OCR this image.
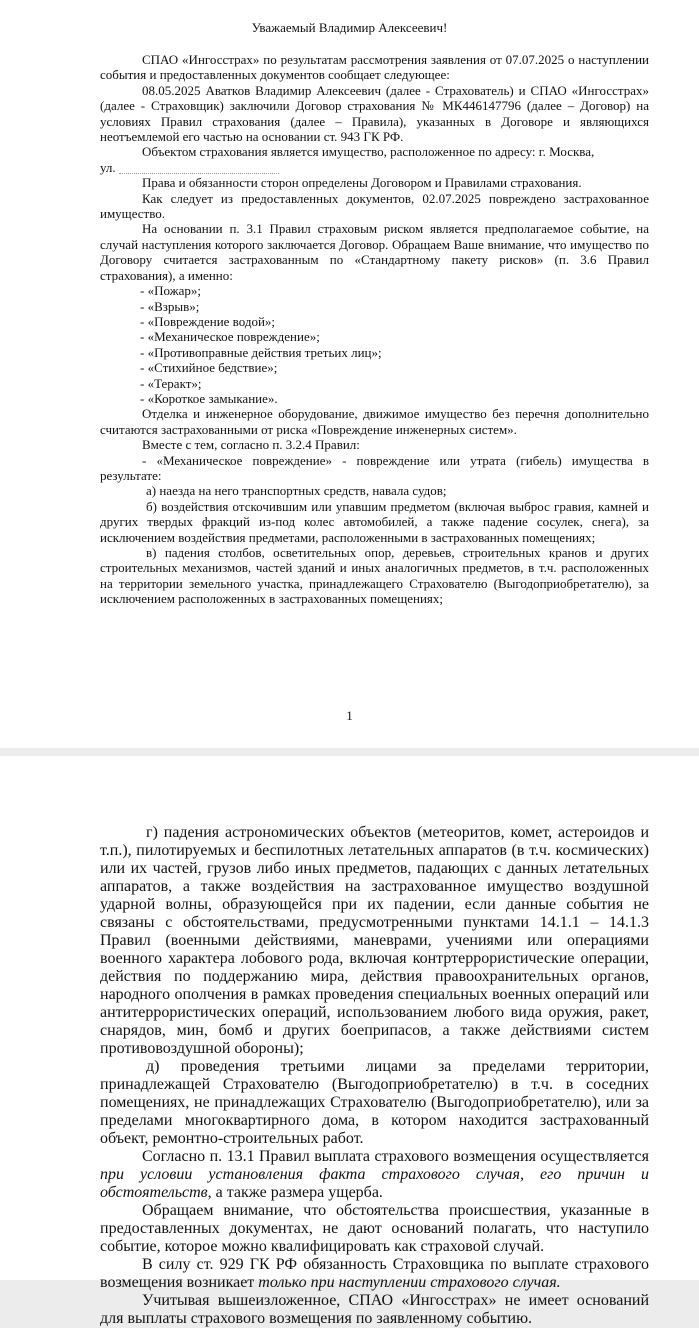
Уважаемый Владимир Алексеевич!

СПАО «Ингосстрах» по результатам рассмотрения заявления от 07.07.2025 о наступлении события и предоставленных документов сообщает следующее:

08.05.2025 Аватков Владимир Алексеевич (далее - Страхователь) и СПАО «Ингосстрах» (далее - Страховщик) заключили Договор страхования № МК446147796 (далее – Договор) на условиях Правил страхования (далее – Правила), указанных в Договоре и являющихся неотъемлемой его частью на основании ст. 943 ГК РФ.

Объектом страхования является имущество, расположенное по адресу: г. Москва,

ул.

Права и обязанности сторон определены Договором и Правилами страхования.

Как следует из предоставленных документов, 02.07.2025 повреждено застрахованное имущество.

На основании п. 3.1 Правил страховым риском является предполагаемое событие, на случай наступления которого заключается Договор. Обращаем Ваше внимание, что имущество по Договору считается застрахованным по «Стандартному пакету рисков» (п. 3.6 Правил страхования), а именно:

- «Пожар»;

- «Взрыв»;

- «Повреждение водой»;

- «Механическое повреждение»;

- «Противоправные действия третьих лиц»;

- «Стихийное бедствие»;

- «Теракт»;

- «Короткое замыкание».

Отделка и инженерное оборудование, движимое имущество без перечня дополнительно считаются застрахованными от риска «Повреждение инженерных систем».

Вместе с тем, согласно п. 3.2.4 Правил:

- «Механическое повреждение» - повреждение или утрата (гибель) имущества в результате:

а) наезда на него транспортных средств, навала судов;

б) воздействия отскочившим или упавшим предметом (включая выброс гравия, камней и других твердых фракций из-под колес автомобилей, а также падение сосулек, снега), за исключением воздействия предметами, расположенными в застрахованных помещениях;

в) падения столбов, осветительных опор, деревьев, строительных кранов и других строительных механизмов, частей зданий и иных аналогичных предметов, в т.ч. расположенных на территории земельного участка, принадлежащего Страхователю (Выгодоприобретателю), за исключением расположенных в застрахованных помещениях;

1

г) падения астрономических объектов (метеоритов, комет, астероидов и т.п.), пилотируемых и беспилотных летательных аппаратов (в т.ч. космических) или их частей, грузов либо иных предметов, падающих с данных летательных аппаратов, а также воздействия на застрахованное имущество воздушной ударной волны, образующейся при их падении, если данные события не связаны с обстоятельствами, предусмотренными пунктами 14.1.1 – 14.1.3 Правил (военными действиями, маневрами, учениями или операциями военного характера лобового рода, включая контртеррористические операции, действия по поддержанию мира, действия правоохранительных органов, народного ополчения в рамках проведения специальных военных операций или антитеррористических операций, использованием любого вида оружия, ракет, снарядов, мин, бомб и других боеприпасов, а также действиями систем противовоздушной обороны);

д) проведения третьими лицами за пределами территории, принадлежащей Страхователю (Выгодоприобретателю) в т.ч. в соседних помещениях, не принадлежащих Страхователю (Выгодоприобретателю), или за пределами многоквартирного дома, в котором находится застрахованный объект, ремонтно-строительных работ.

Согласно п. 13.1 Правил выплата страхового возмещения осуществляется при условии установления факта страхового случая, его причин и обстоятельств, а также размера ущерба.

Обращаем внимание, что обстоятельства происшествия, указанные в предоставленных документах, не дают оснований полагать, что наступило событие, которое можно квалифицировать как страховой случай.

В силу ст. 929 ГК РФ обязанность Страховщика по выплате страхового возмещения возникает только при наступлении страхового случая.

Учитывая вышеизложенное, СПАО «Ингосстрах» не имеет оснований для выплаты страхового возмещения по заявленному событию.
